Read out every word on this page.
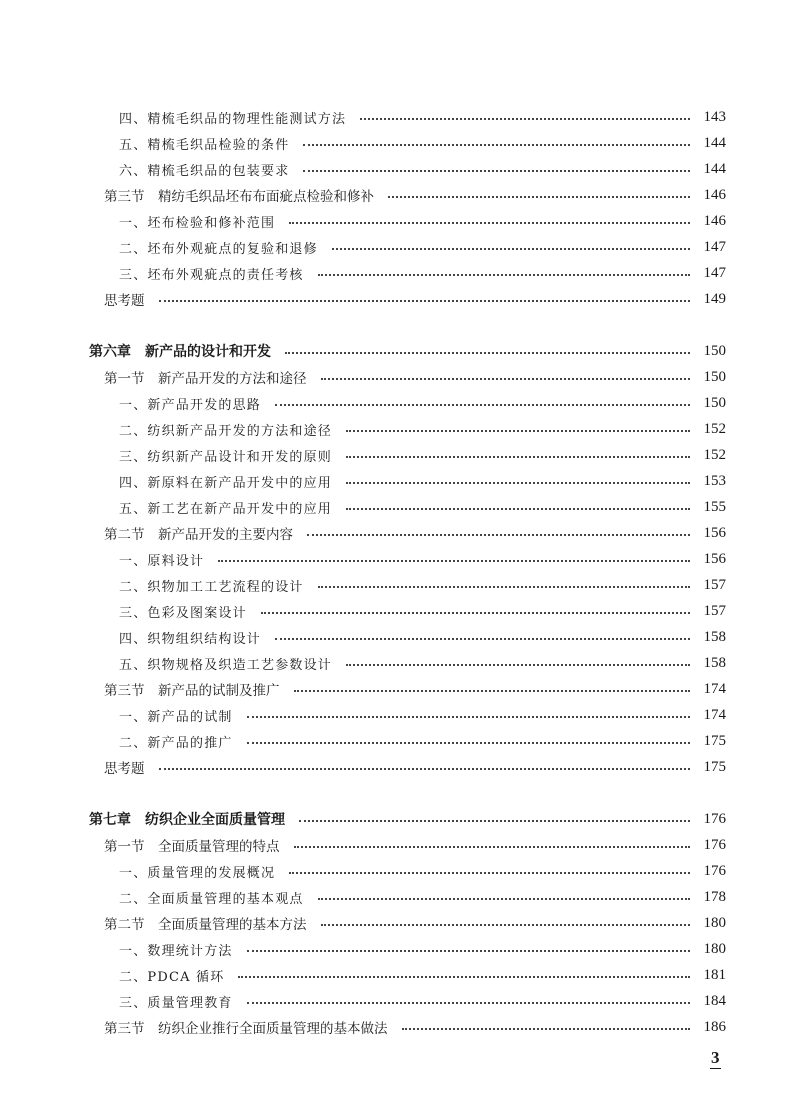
四、精梳毛织品的物理性能测试方法	143
五、精梳毛织品检验的条件	144
六、精梳毛织品的包装要求	144
第三节　精纺毛织品坯布布面疵点检验和修补	146
一、坯布检验和修补范围	146
二、坯布外观疵点的复验和退修	147
三、坯布外观疵点的责任考核	147
思考题	149
第六章　新产品的设计和开发	150
第一节　新产品开发的方法和途径	150
一、新产品开发的思路	150
二、纺织新产品开发的方法和途径	152
三、纺织新产品设计和开发的原则	152
四、新原料在新产品开发中的应用	153
五、新工艺在新产品开发中的应用	155
第二节　新产品开发的主要内容	156
一、原料设计	156
二、织物加工工艺流程的设计	157
三、色彩及图案设计	157
四、织物组织结构设计	158
五、织物规格及织造工艺参数设计	158
第三节　新产品的试制及推广	174
一、新产品的试制	174
二、新产品的推广	175
思考题	175
第七章　纺织企业全面质量管理	176
第一节　全面质量管理的特点	176
一、质量管理的发展概况	176
二、全面质量管理的基本观点	178
第二节　全面质量管理的基本方法	180
一、数理统计方法	180
二、PDCA 循环	181
三、质量管理教育	184
第三节　纺织企业推行全面质量管理的基本做法	186
3
